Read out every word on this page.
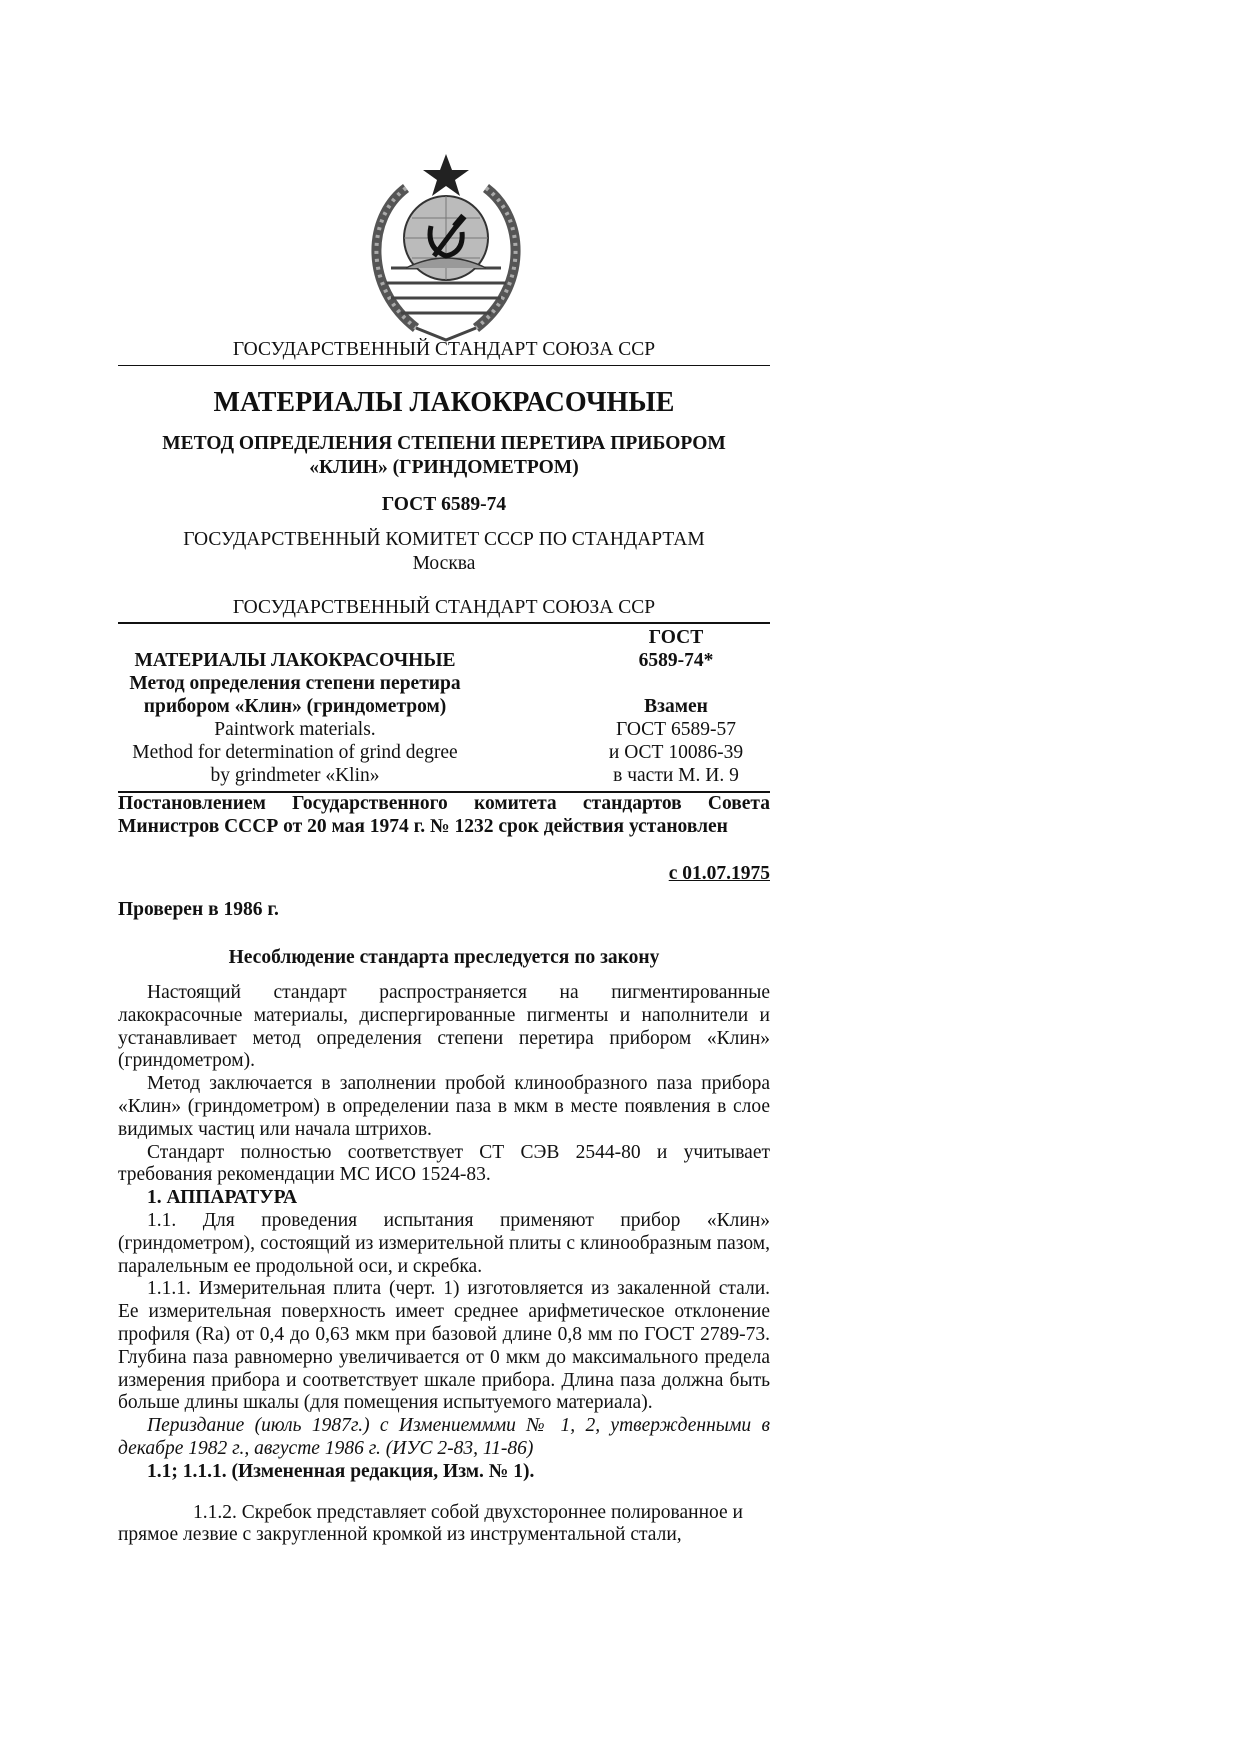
ГОСУДАРСТВЕННЫЙ СТАНДАРТ СОЮЗА ССР
МАТЕРИАЛЫ ЛАКОКРАСОЧНЫЕ
МЕТОД ОПРЕДЕЛЕНИЯ СТЕПЕНИ ПЕРЕТИРА ПРИБОРОМ
«КЛИН» (ГРИНДОМЕТРОМ)
ГОСТ 6589-74
ГОСУДАРСТВЕННЫЙ КОМИТЕТ СССР ПО СТАНДАРТАМ
Москва
ГОСУДАРСТВЕННЫЙ СТАНДАРТ СОЮЗА ССР
МАТЕРИАЛЫ ЛАКОКРАСОЧНЫЕ
Метод определения степени перетира
прибором «Клин» (гриндометром)
Paintwork materials.
Method for determination of grind degree
by grindmeter «Klin»
ГОСТ
6589-74*
Взамен
ГОСТ 6589-57
и ОСТ 10086-39
в части М. И. 9
Постановлением Государственного комитета стандартов Совета Министров СССР от 20 мая 1974 г. № 1232 срок действия установлен
с 01.07.1975
Проверен в 1986 г.
Несоблюдение стандарта преследуется по закону

Настоящий стандарт распространяется на пигментированные лакокрасочные материалы, диспергированные пигменты и наполнители и устанавливает метод определения степени перетира прибором «Клин» (гриндометром).

Метод заключается в заполнении пробой клинообразного паза прибора «Клин» (гриндометром) в определении паза в мкм в месте появления в слое видимых частиц или начала штрихов.

Стандарт полностью соответствует СТ СЭВ 2544-80 и учитывает требования рекомендации МС ИСО 1524-83.

1. АППАРАТУРА

1.1. Для проведения испытания применяют прибор «Клин» (гриндометром), состоящий из измерительной плиты с клинообразным пазом, паралельным ее продольной оси, и скребка.

1.1.1. Измерительная плита (черт. 1) изготовляется из закаленной стали. Ее измерительная поверхность имеет среднее арифметическое отклонение профиля (Ra) от 0,4 до 0,63 мкм при базовой длине 0,8 мм по ГОСТ 2789-73. Глубина паза равномерно увеличивается от 0 мкм до максимального предела измерения прибора и соответствует шкале прибора. Длина паза должна быть больше длины шкалы (для помещения испытуемого материала).

Периздание (июль 1987г.) с Измениеммми № 1, 2, утвержденными в декабре 1982 г., августе 1986 г. (ИУС 2-83, 11-86)

1.1; 1.1.1. (Измененная редакция, Изм. № 1).

1.1.2. Скребок представляет собой двухстороннее полированное и прямое лезвие с закругленной кромкой из инструментальной стали,
